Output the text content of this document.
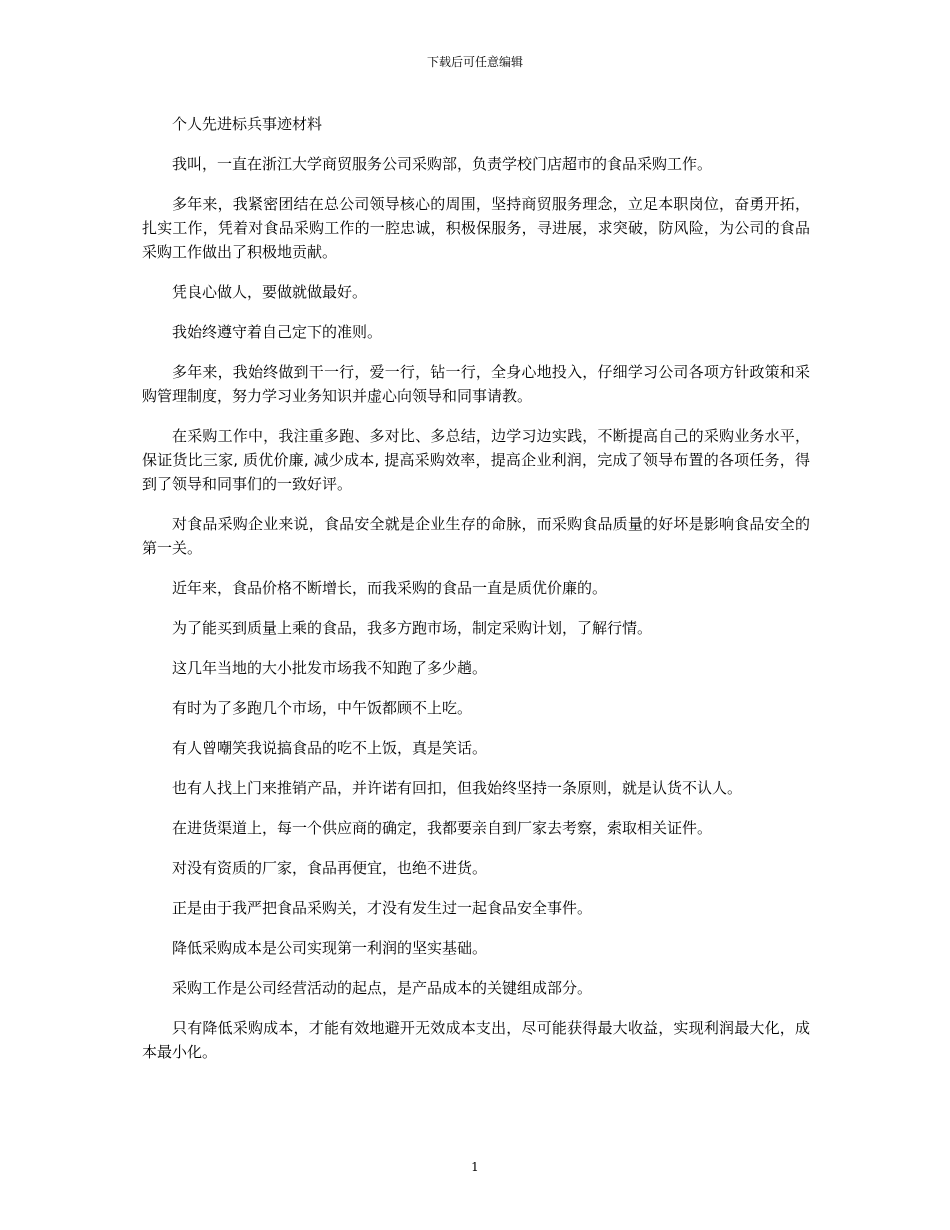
下载后可任意编辑

个人先进标兵事迹材料

我叫，一直在浙江大学商贸服务公司采购部，负责学校门店超市的食品采购工作。

多年来，我紧密团结在总公司领导核心的周围，坚持商贸服务理念，立足本职岗位，奋勇开拓，扎实工作，凭着对食品采购工作的一腔忠诚，积极保服务，寻进展，求突破，防风险，为公司的食品采购工作做出了积极地贡献。

凭良心做人，要做就做最好。

我始终遵守着自己定下的准则。

多年来，我始终做到干一行，爱一行，钻一行，全身心地投入，仔细学习公司各项方针政策和采购管理制度，努力学习业务知识并虚心向领导和同事请教。

在采购工作中，我注重多跑、多对比、多总结，边学习边实践，不断提高自己的采购业务水平，保证货比三家, 质优价廉, 减少成本, 提高采购效率，提高企业利润，完成了领导布置的各项任务，得到了领导和同事们的一致好评。

对食品采购企业来说，食品安全就是企业生存的命脉，而采购食品质量的好坏是影响食品安全的第一关。

近年来，食品价格不断增长，而我采购的食品一直是质优价廉的。

为了能买到质量上乘的食品，我多方跑市场，制定采购计划，了解行情。

这几年当地的大小批发市场我不知跑了多少趟。

有时为了多跑几个市场，中午饭都顾不上吃。

有人曾嘲笑我说搞食品的吃不上饭，真是笑话。

也有人找上门来推销产品，并许诺有回扣，但我始终坚持一条原则，就是认货不认人。

在进货渠道上，每一个供应商的确定，我都要亲自到厂家去考察，索取相关证件。

对没有资质的厂家，食品再便宜，也绝不进货。

正是由于我严把食品采购关，才没有发生过一起食品安全事件。

降低采购成本是公司实现第一利润的坚实基础。

采购工作是公司经营活动的起点，是产品成本的关键组成部分。

只有降低采购成本，才能有效地避开无效成本支出，尽可能获得最大收益，实现利润最大化，成本最小化。

1
